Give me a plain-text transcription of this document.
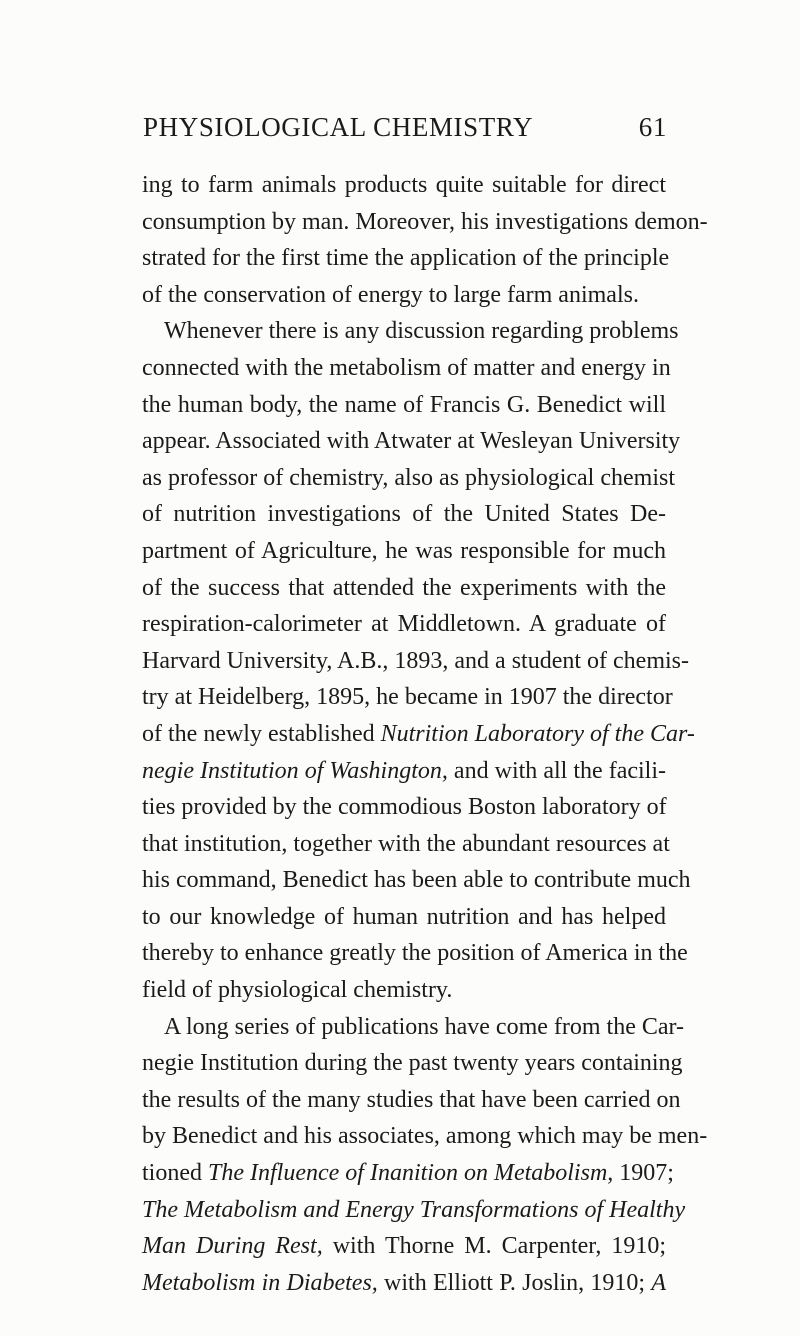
PHYSIOLOGICAL CHEMISTRY	61
ing to farm animals products quite suitable for direct
consumption by man. Moreover, his investigations demon-
strated for the first time the application of the principle
of the conservation of energy to large farm animals.
Whenever there is any discussion regarding problems
connected with the metabolism of matter and energy in
the human body, the name of Francis G. Benedict will
appear. Associated with Atwater at Wesleyan University
as professor of chemistry, also as physiological chemist
of nutrition investigations of the United States De-
partment of Agriculture, he was responsible for much
of the success that attended the experiments with the
respiration-calorimeter at Middletown. A graduate of
Harvard University, A.B., 1893, and a student of chemis-
try at Heidelberg, 1895, he became in 1907 the director
of the newly established Nutrition Laboratory of the Car-
negie Institution of Washington, and with all the facili-
ties provided by the commodious Boston laboratory of
that institution, together with the abundant resources at
his command, Benedict has been able to contribute much
to our knowledge of human nutrition and has helped
thereby to enhance greatly the position of America in the
field of physiological chemistry.
A long series of publications have come from the Car-
negie Institution during the past twenty years containing
the results of the many studies that have been carried on
by Benedict and his associates, among which may be men-
tioned The Influence of Inanition on Metabolism, 1907;
The Metabolism and Energy Transformations of Healthy
Man During Rest, with Thorne M. Carpenter, 1910;
Metabolism in Diabetes, with Elliott P. Joslin, 1910; A
